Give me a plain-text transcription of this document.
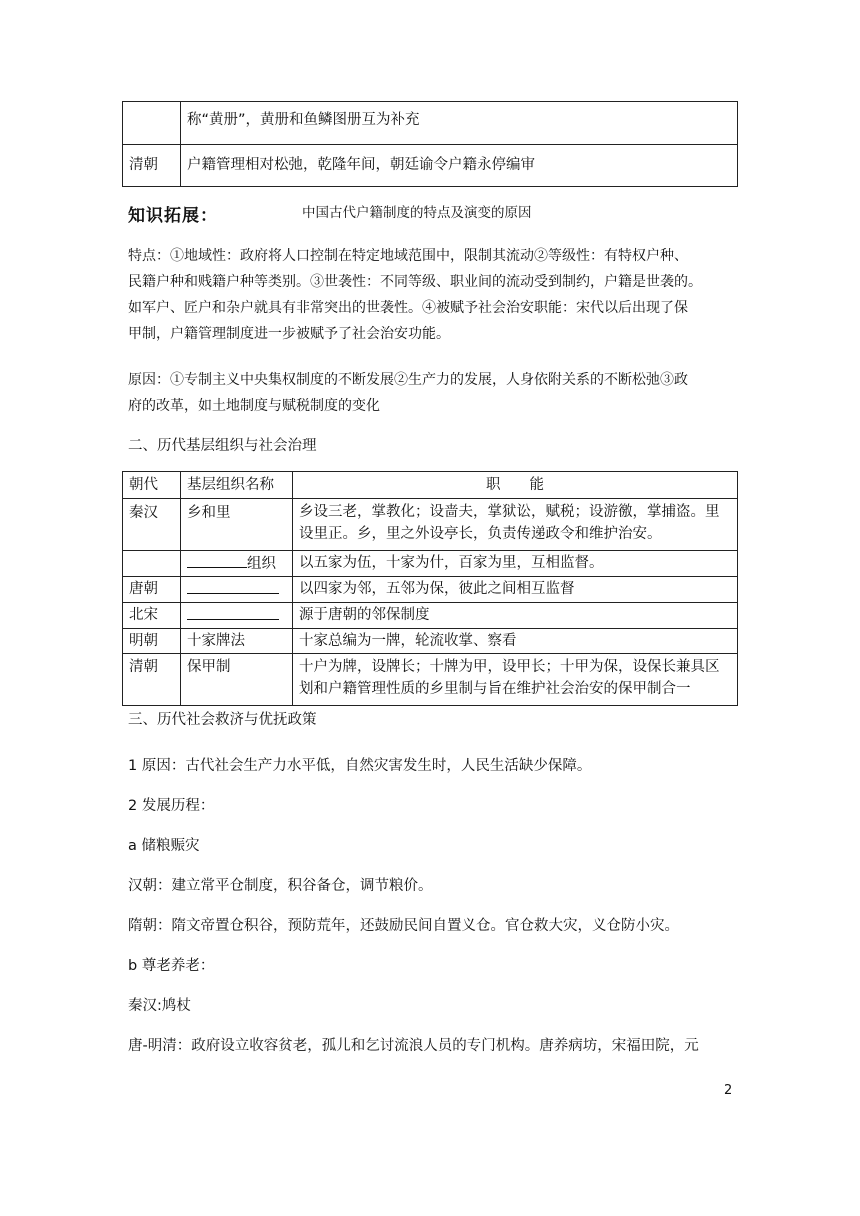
	称“黄册”，黄册和鱼鳞图册互为补充
清朝	户籍管理相对松弛，乾隆年间，朝廷谕令户籍永停编审
知识拓展：	中国古代户籍制度的特点及演变的原因
特点：①地域性：政府将人口控制在特定地域范围中，限制其流动②等级性：有特权户种、
民籍户种和贱籍户种等类别。③世袭性：不同等级、职业间的流动受到制约，户籍是世袭的。
如军户、匠户和杂户就具有非常突出的世袭性。④被赋予社会治安职能：宋代以后出现了保
甲制，户籍管理制度进一步被赋予了社会治安功能。
原因：①专制主义中央集权制度的不断发展②生产力的发展，人身依附关系的不断松弛③政
府的改革，如土地制度与赋税制度的变化
二、历代基层组织与社会治理
朝代	基层组织名称	职　　能
秦汉	乡和里	乡设三老，掌教化；设啬夫，掌狱讼，赋税；设游徼，掌捕盗。里
设里正。乡，里之外设亭长，负责传递政令和维护治安。

	组织	以五家为伍，十家为什，百家为里，互相监督。
唐朝		以四家为邻，五邻为保，彼此之间相互监督
北宋		源于唐朝的邻保制度
明朝	十家牌法	十家总编为一牌，轮流收掌、察看
清朝	保甲制	十户为牌，设牌长；十牌为甲，设甲长；十甲为保，设保长兼具区
划和户籍管理性质的乡里制与旨在维护社会治安的保甲制合一
三、历代社会救济与优抚政策
1 原因：古代社会生产力水平低，自然灾害发生时，人民生活缺少保障。
2 发展历程：
a 储粮赈灾
汉朝：建立常平仓制度，积谷备仓，调节粮价。
隋朝：隋文帝置仓积谷，预防荒年，还鼓励民间自置义仓。官仓救大灾，义仓防小灾。
b 尊老养老：
秦汉:鸠杖
唐-明清：政府设立收容贫老，孤儿和乞讨流浪人员的专门机构。唐养病坊，宋福田院，元
2
